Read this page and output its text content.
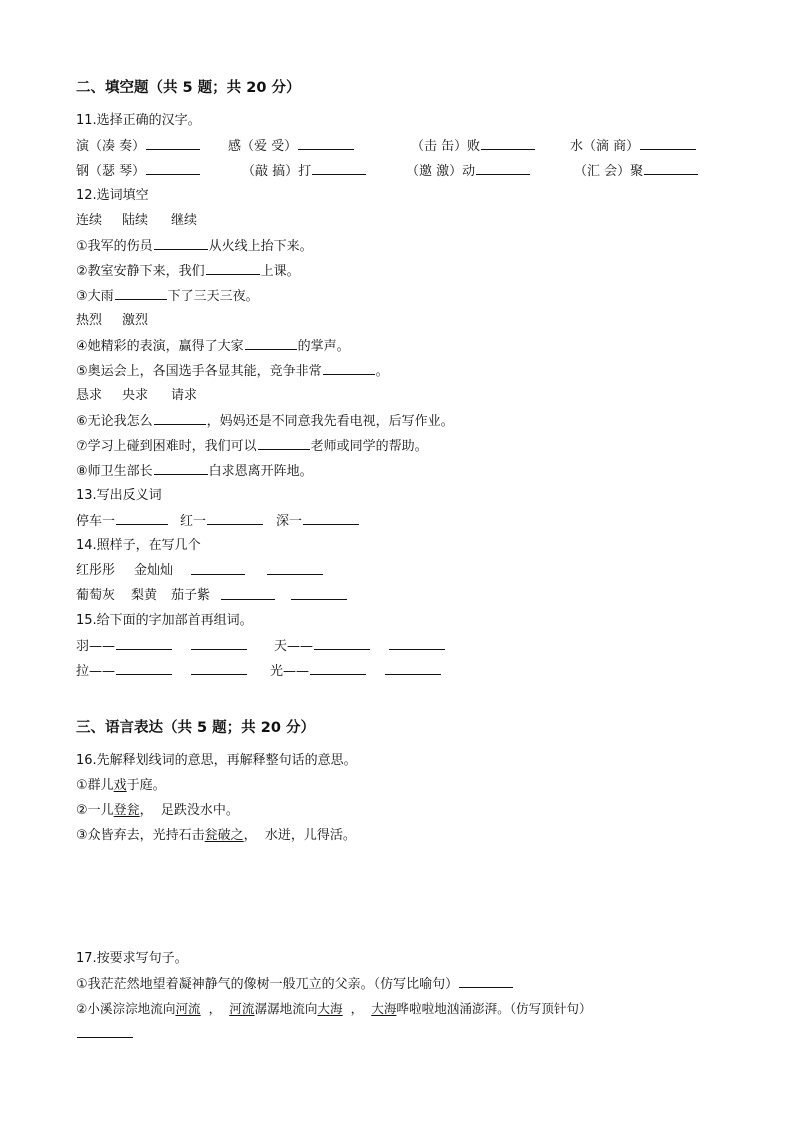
二、填空题（共 5 题；共 20 分）
11.选择正确的汉字。
演（凑 奏）	感（爱 受）	（击 缶）败	水（滴 商）
钢（瑟 琴）	（敲 搞）打	（邀 激）动	（汇 会）聚
12.选词填空
连续 陆续 继续
①我军的伤员	从火线上抬下来。
②教室安静下来，我们	上课。
③大雨	下了三天三夜。
热烈 激烈
④她精彩的表演，赢得了大家	的掌声。
⑤奥运会上，各国选手各显其能，竞争非常	。
恳求 央求 请求
⑥无论我怎么	，妈妈还是不同意我先看电视，后写作业。
⑦学习上碰到困难时，我们可以	老师或同学的帮助。
⑧师卫生部长	白求恩离开阵地。
13.写出反义词
停车一	红一	深一
14.照样子，在写几个
红彤彤 金灿灿
葡萄灰 梨黄 茄子紫
15.给下面的字加部首再组词。
羽——	天——
拉——	光——
三、语言表达（共 5 题；共 20 分）
16.先解释划线词的意思，再解释整句话的意思。
①群儿戏于庭。
②一儿登瓮，  足跌没水中。
③众皆弃去，光持石击瓮破之，  水迸，儿得活。
17.按要求写句子。
①我茫茫然地望着凝神静气的像树一般兀立的父亲。（仿写比喻句）
②小溪淙淙地流向河流 ， 河流潺潺地流向大海 ， 大海哗啦啦地汹涌澎湃。（仿写顶针句）
